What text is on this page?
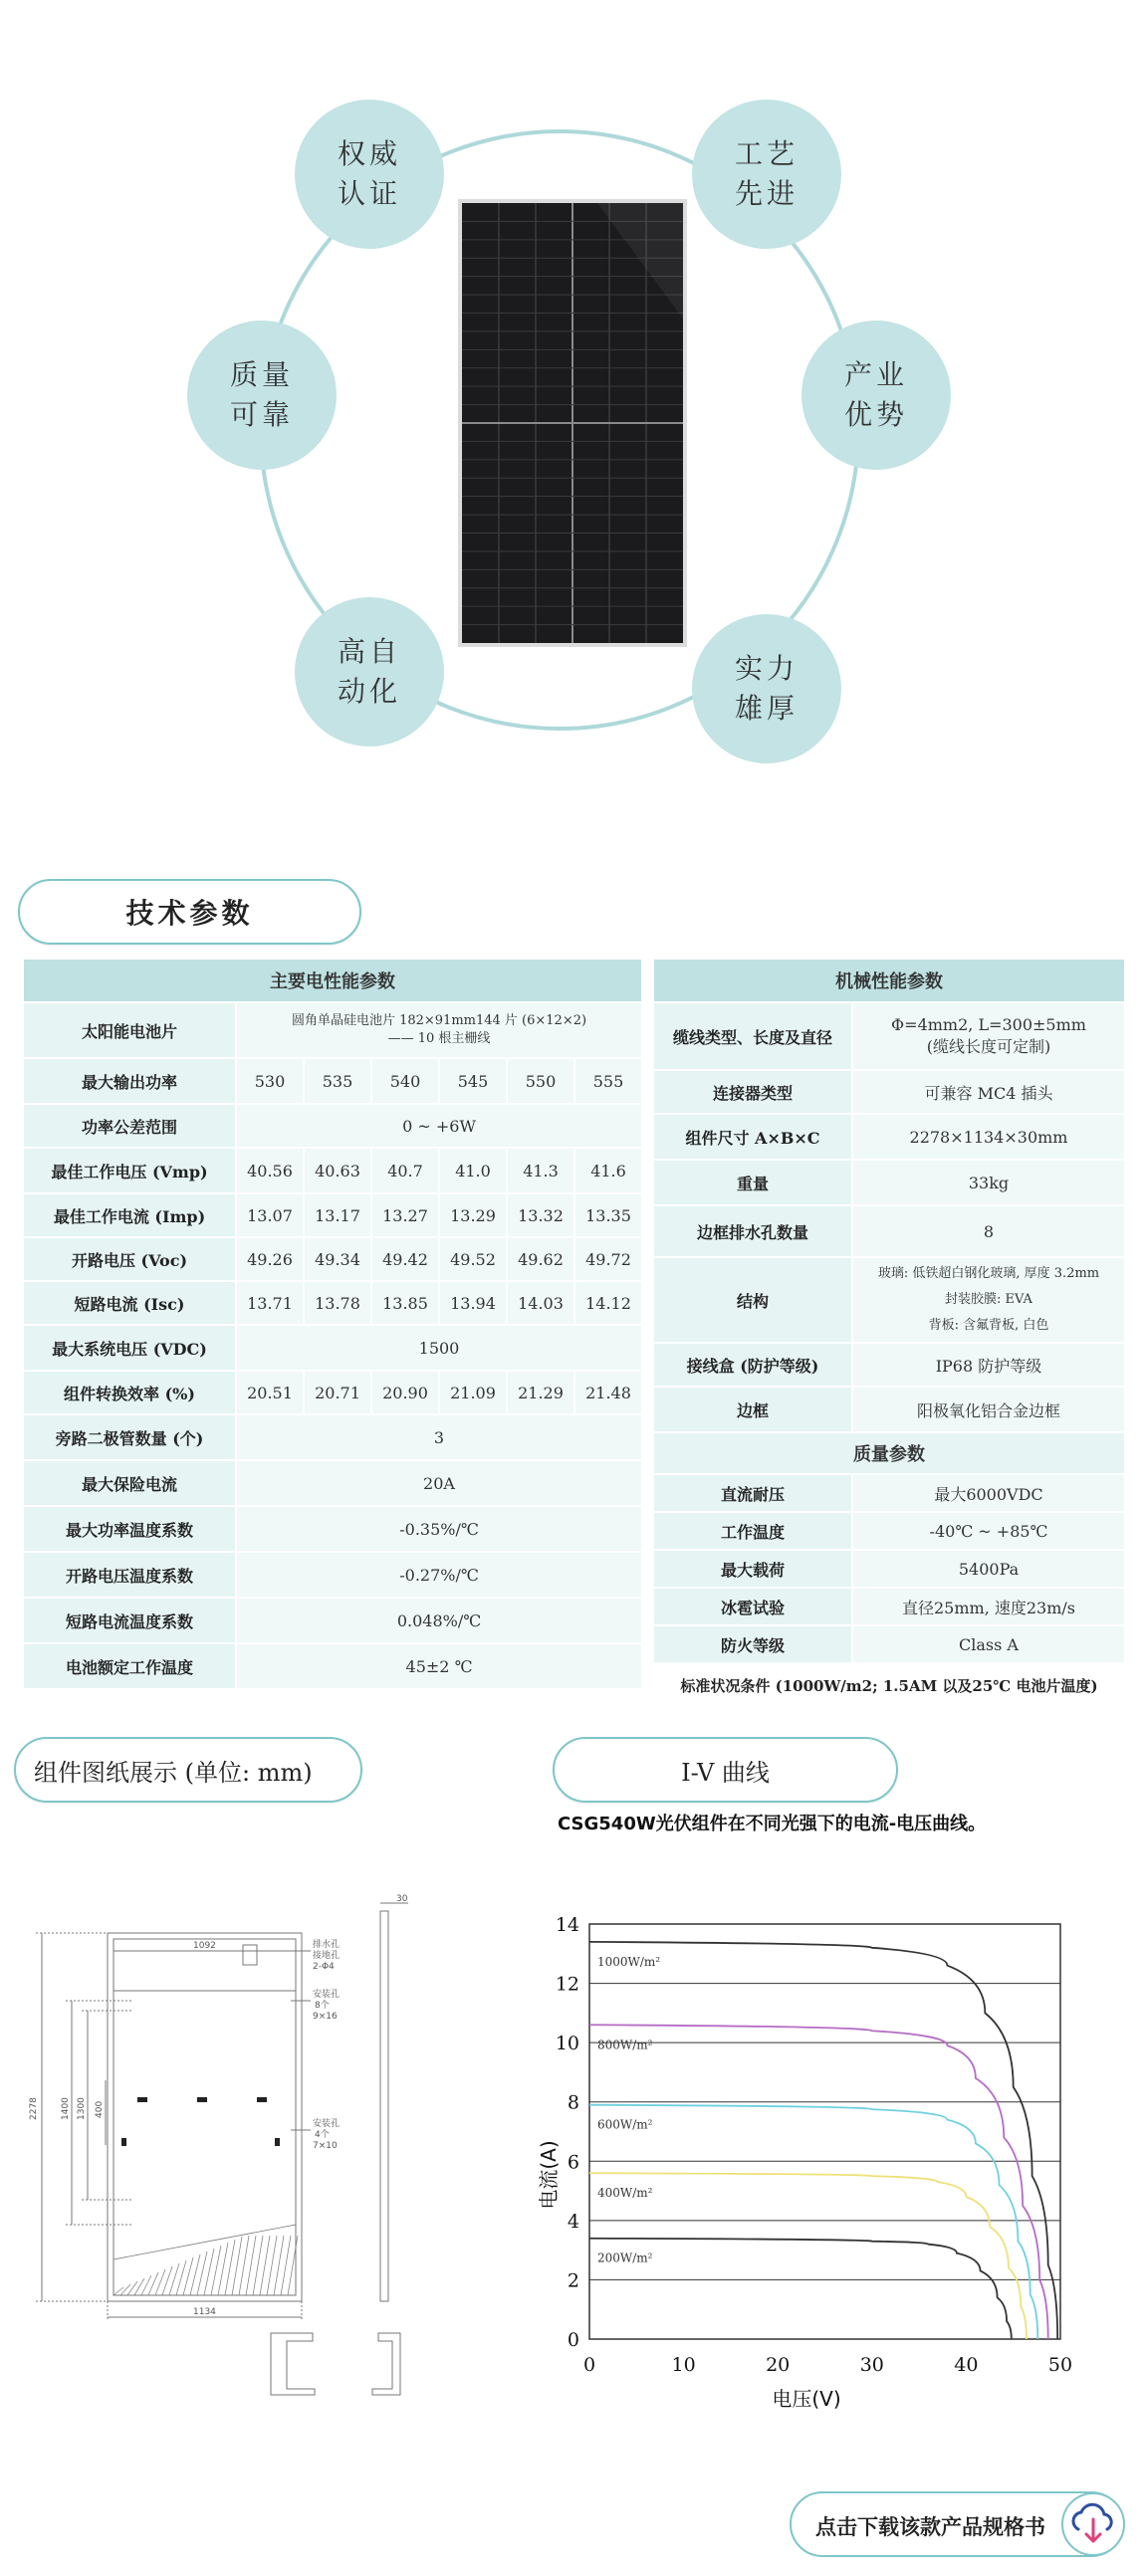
权威
认证
工艺
先进
质量
可靠
产业
优势
高自
动化
实力
雄厚
技术参数
主要电性能参数						
太阳能电池片	圆角单晶硅电池片 182×91mm144 片 (6×12×2)
—— 10 根主栅线					
最大输出功率	530	535	540	545	550	555
功率公差范围	0 ~ +6W					
最佳工作电压 (Vmp)	40.56	40.63	40.7	41.0	41.3	41.6
最佳工作电流 (Imp)	13.07	13.17	13.27	13.29	13.32	13.35
开路电压 (Voc)	49.26	49.34	49.42	49.52	49.62	49.72
短路电流 (Isc)	13.71	13.78	13.85	13.94	14.03	14.12
最大系统电压 (VDC)	1500					
组件转换效率 (%)	20.51	20.71	20.90	21.09	21.29	21.48
旁路二极管数量 (个)	3					
最大保险电流	20A					
最大功率温度系数	-0.35%/℃					
开路电压温度系数	-0.27%/℃					
短路电流温度系数	0.048%/℃					
电池额定工作温度	45±2 ℃					
机械性能参数	
缆线类型、长度及直径	Φ=4mm2, L=300±5mm
(缆线长度可定制)
连接器类型	可兼容 MC4 插头
组件尺寸 A×B×C	2278×1134×30mm
重量	33kg
边框排水孔数量	8
结构	玻璃: 低铁超白钢化玻璃, 厚度 3.2mm
封装胶膜: EVA
背板: 含氟背板, 白色
接线盒 (防护等级)	IP68 防护等级
边框	阳极氧化铝合金边框
质量参数	
直流耐压	最大6000VDC
工作温度	-40℃ ~ +85℃
最大载荷	5400Pa
冰雹试验	直径25mm, 速度23m/s
防火等级	Class A
标准状况条件 (1000W/m2; 1.5AM 以及25℃ 电池片温度)
组件图纸展示 (单位: mm)	I-V 曲线
CSG540W光伏组件在不同光强下的电流-电压曲线。
2278 1400 1300 400
1092
1134
30
排水孔接地孔 2-Φ4
安装孔 8个 9×16
安装孔 4个 7×10
0
2
4
6
8
10
12
14
0	10	20	30	40	50
1000W/m²
800W/m²
600W/m²
400W/m²
200W/m²
电压(V)
电流(A)
点击下载该款产品规格书
